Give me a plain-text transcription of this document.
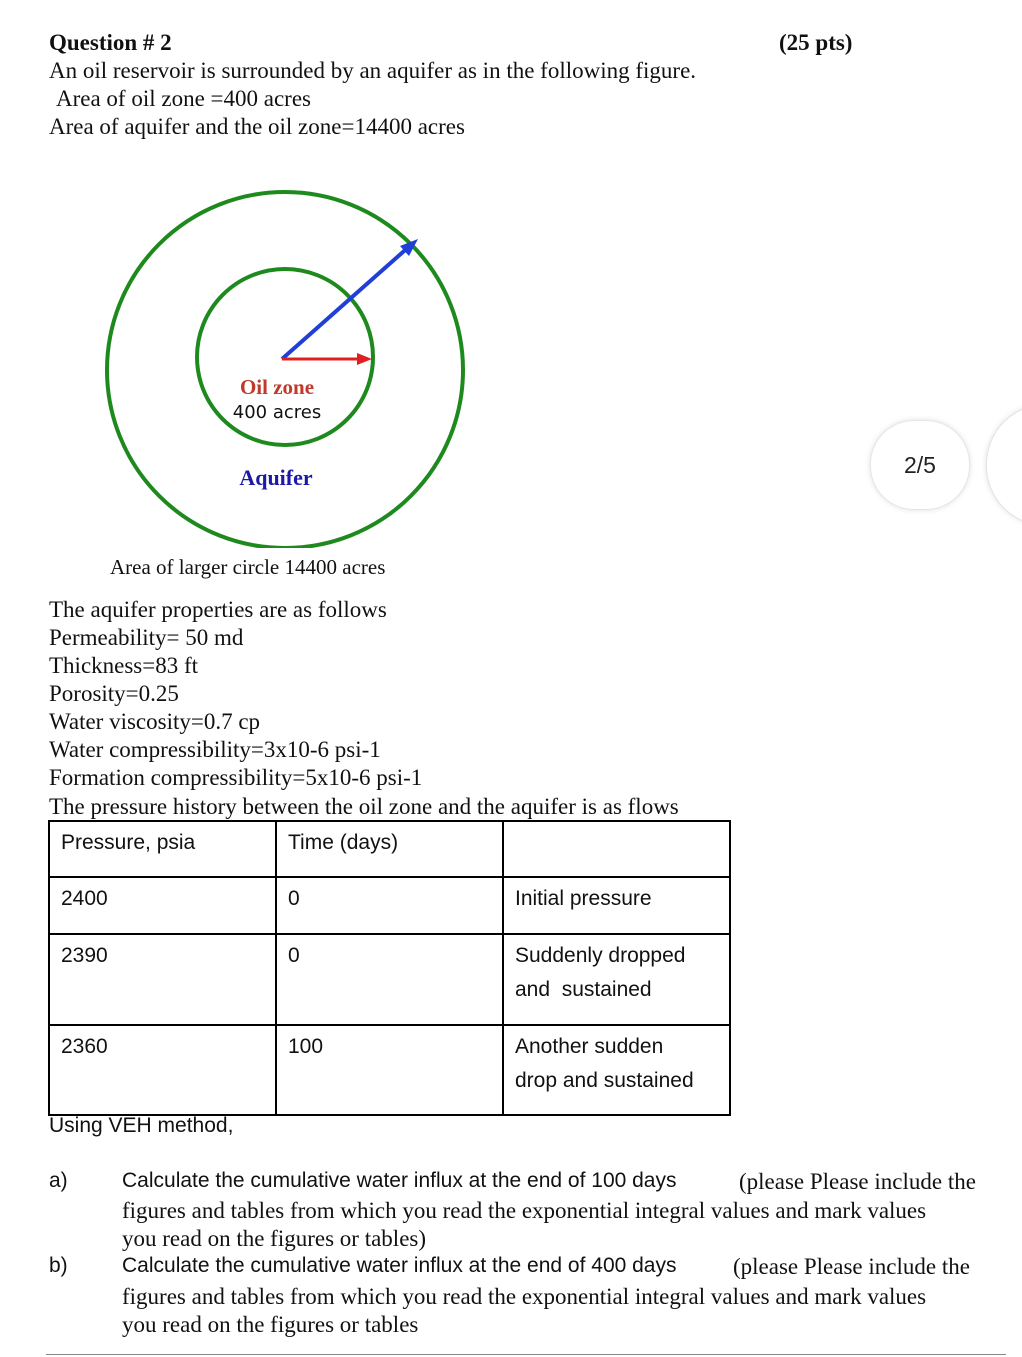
Question # 2	(25 pts)
An oil reservoir is surrounded by an aquifer as in the following figure.
Area of oil zone =400 acres
Area of aquifer and the oil zone=14400 acres
Oil zone
400 acres
Aquifer
Area of larger circle 14400 acres
The aquifer properties are as follows
Permeability= 50 md
Thickness=83 ft
Porosity=0.25
Water viscosity=0.7 cp
Water compressibility=3x10-6 psi-1
Formation compressibility=5x10-6 psi-1
The pressure history between the oil zone and the aquifer is as flows
Pressure, psia	Time (days)	
2400	0	Initial pressure
2390	0	Suddenly dropped
and  sustained

2360	100	Another sudden
drop and sustained
Using VEH method,
a)	Calculate the cumulative water influx at the end of 100 days	(please Please include the
figures and tables from which you read the exponential integral values and mark values
you read on the figures or tables)
b)	Calculate the cumulative water influx at the end of 400 days (please Please include the
figures and tables from which you read the exponential integral values and mark values
you read on the figures or tables
2/5
